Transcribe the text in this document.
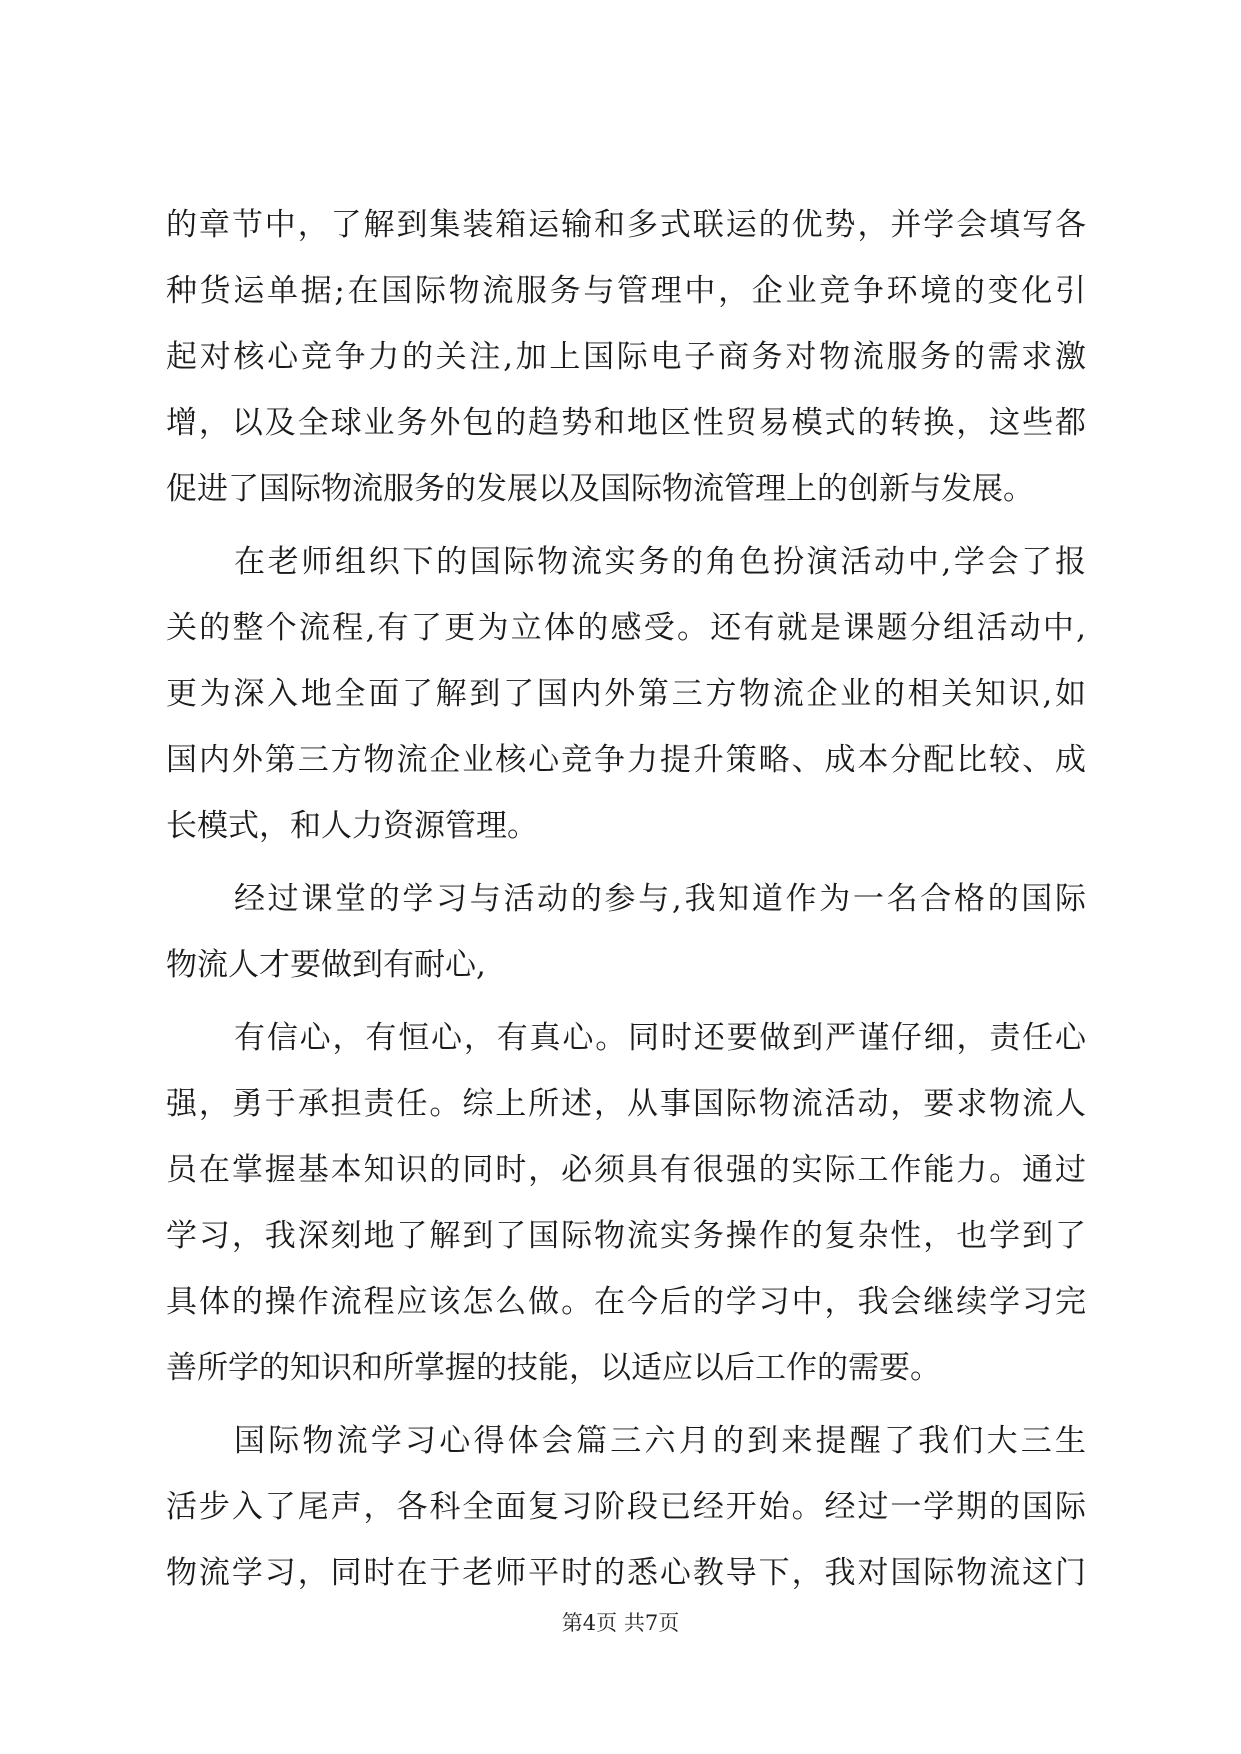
的章节中，了解到集装箱运输和多式联运的优势，并学会填写各
种货运单据;在国际物流服务与管理中，企业竞争环境的变化引
起对核心竞争力的关注,加上国际电子商务对物流服务的需求激
增，以及全球业务外包的趋势和地区性贸易模式的转换，这些都
促进了国际物流服务的发展以及国际物流管理上的创新与发展。
在老师组织下的国际物流实务的角色扮演活动中,学会了报
关的整个流程,有了更为立体的感受。还有就是课题分组活动中,
更为深入地全面了解到了国内外第三方物流企业的相关知识,如
国内外第三方物流企业核心竞争力提升策略、成本分配比较、成
长模式，和人力资源管理。
经过课堂的学习与活动的参与,我知道作为一名合格的国际
物流人才要做到有耐心,
有信心，有恒心，有真心。同时还要做到严谨仔细，责任心
强，勇于承担责任。综上所述，从事国际物流活动，要求物流人
员在掌握基本知识的同时，必须具有很强的实际工作能力。通过
学习，我深刻地了解到了国际物流实务操作的复杂性，也学到了
具体的操作流程应该怎么做。在今后的学习中，我会继续学习完
善所学的知识和所掌握的技能，以适应以后工作的需要。
国际物流学习心得体会篇三六月的到来提醒了我们大三生
活步入了尾声，各科全面复习阶段已经开始。经过一学期的国际
物流学习，同时在于老师平时的悉心教导下，我对国际物流这门
第4页 共7页
